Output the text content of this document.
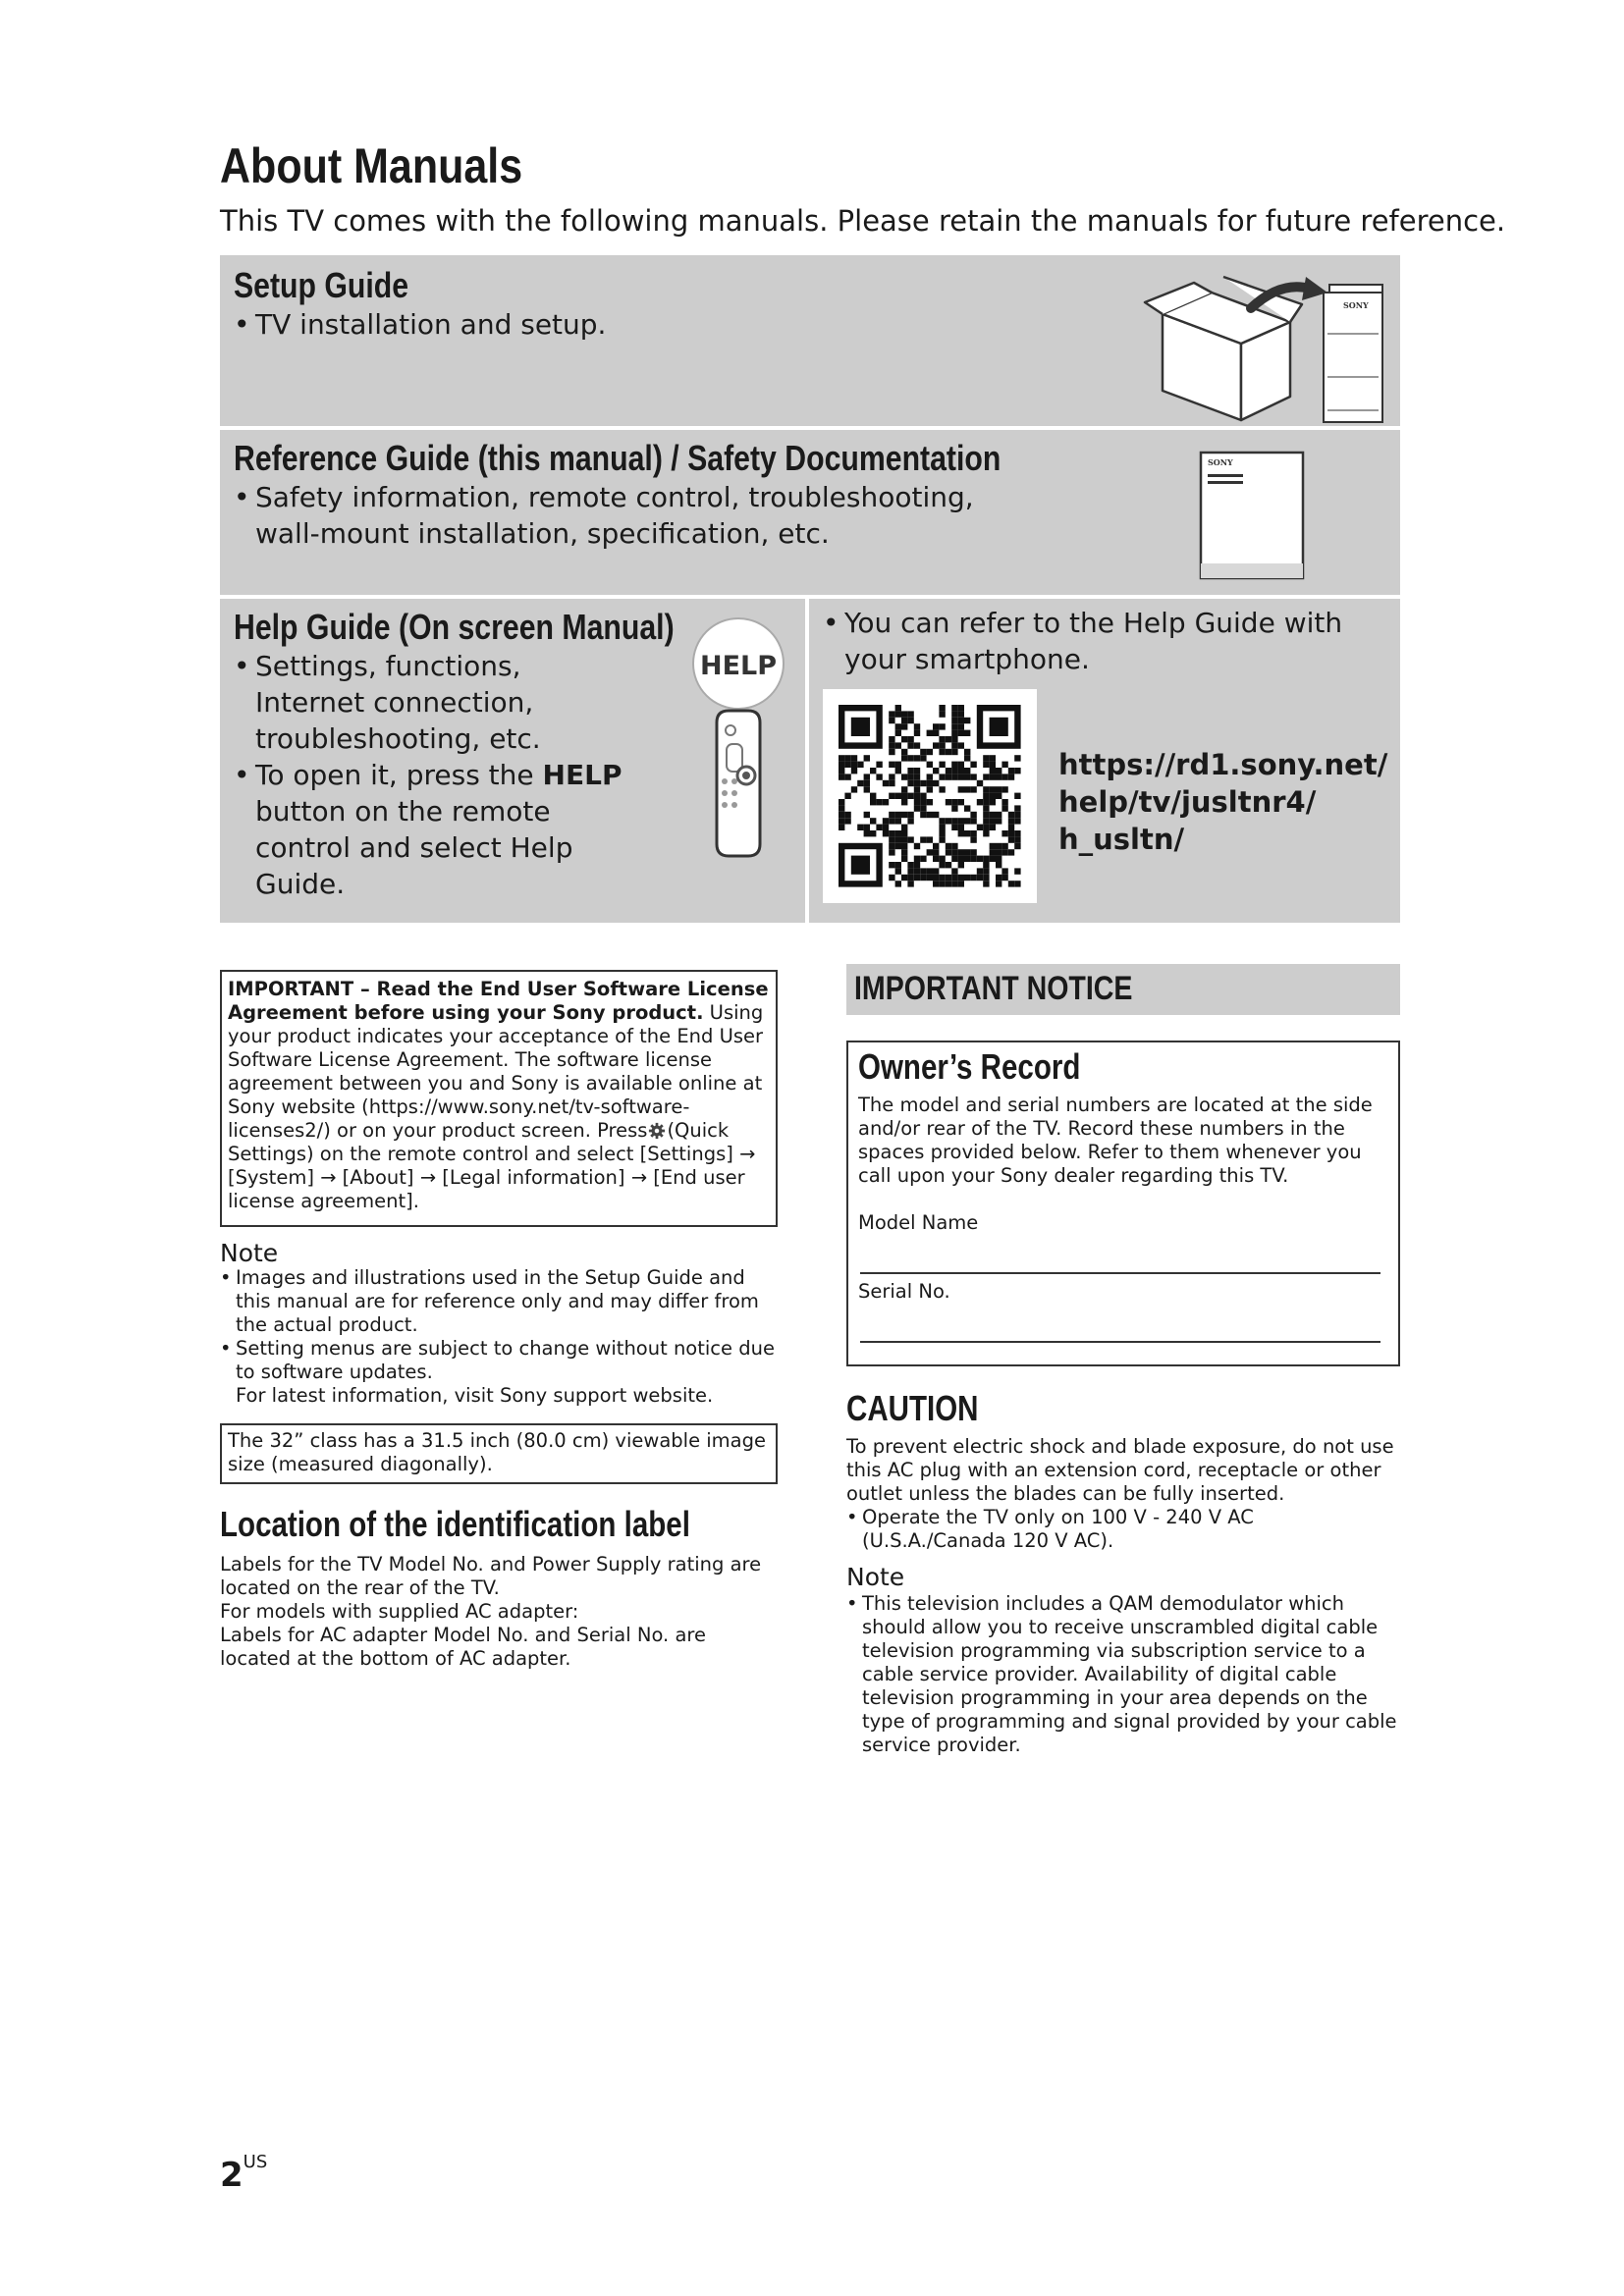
About Manuals
This TV comes with the following manuals. Please retain the manuals for future reference.
Setup Guide
• TV installation and setup.
SONY
Reference Guide (this manual) / Safety Documentation
• Safety information, remote control, troubleshooting, wall-mount installation, specification, etc.
SONY
Help Guide (On screen Manual)
• Settings, functions, Internet connection, troubleshooting, etc.
• To open it, press the HELP button on the remote control and select Help Guide.
HELP
• You can refer to the Help Guide with your smartphone.
https://rd1.sony.net/ help/tv/jusltnr4/ h_usltn/
IMPORTANT – Read the End User Software License Agreement before using your Sony product. Using your product indicates your acceptance of the End User Software License Agreement. The software license agreement between you and Sony is available online at Sony website (https://www.sony.net/tv-software-licenses2/) or on your product screen. Press (Quick Settings) on the remote control and select [Settings] → [System] → [About] → [Legal information] → [End user license agreement].
Note
• Images and illustrations used in the Setup Guide and this manual are for reference only and may differ from the actual product.
• Setting menus are subject to change without notice due to software updates.
For latest information, visit Sony support website.
The 32” class has a 31.5 inch (80.0 cm) viewable image size (measured diagonally).
Location of the identification label
Labels for the TV Model No. and Power Supply rating are located on the rear of the TV.
For models with supplied AC adapter:
Labels for AC adapter Model No. and Serial No. are located at the bottom of AC adapter.
IMPORTANT NOTICE
Owner’s Record
The model and serial numbers are located at the side and/or rear of the TV. Record these numbers in the spaces provided below. Refer to them whenever you call upon your Sony dealer regarding this TV.
Model Name
Serial No.
CAUTION
To prevent electric shock and blade exposure, do not use this AC plug with an extension cord, receptacle or other outlet unless the blades can be fully inserted.
• Operate the TV only on 100 V - 240 V AC (U.S.A./Canada 120 V AC).
Note
• This television includes a QAM demodulator which should allow you to receive unscrambled digital cable television programming via subscription service to a cable service provider. Availability of digital cable television programming in your area depends on the type of programming and signal provided by your cable service provider.
$2^{US}$
